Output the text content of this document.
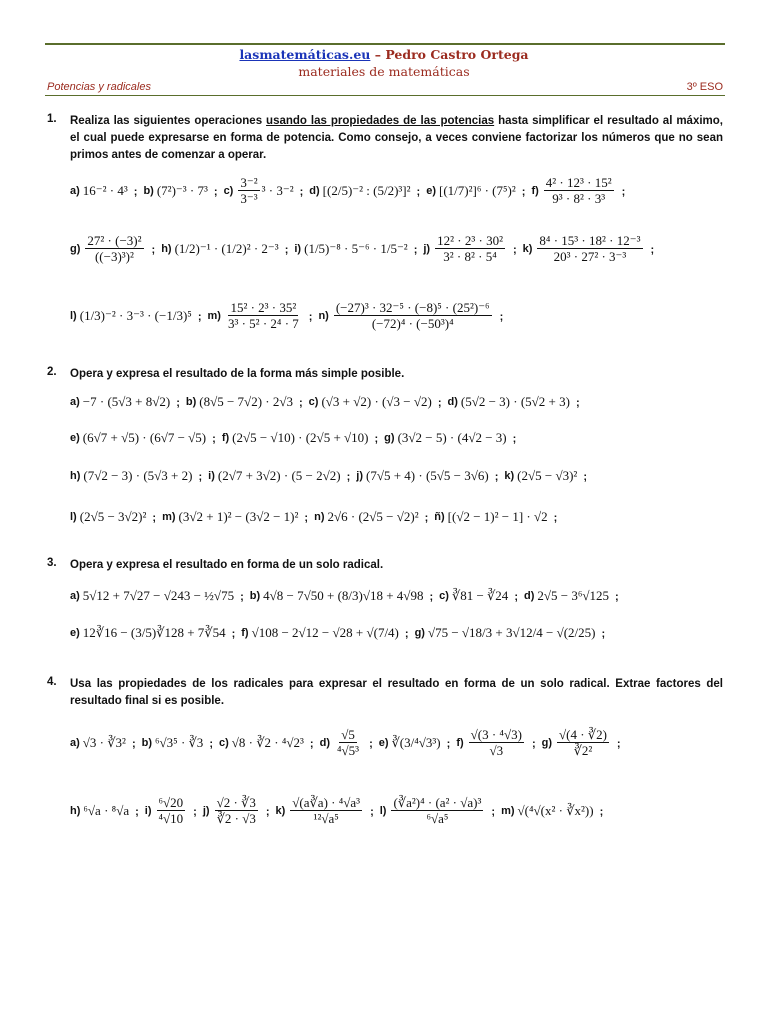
lasmatemáticas.eu – Pedro Castro Ortega
materiales de matemáticas
Potencias y radicales	3º ESO
1. Realiza las siguientes operaciones usando las propiedades de las potencias hasta simplificar el resultado al máximo, el cual puede expresarse en forma de potencia. Como consejo, a veces conviene factorizar los números que no sean primos antes de comenzar a operar.
a) 16⁻² · 4³ ; b) (7²)⁻³ · 7³ ; $c) \frac{\text{3⁻²}}{\text{3⁻³}} ^3 \cdot 3^{-2}$ ; d) [(2/5)⁻² : (5/2)³]² ; e) [(1/7)²]⁶ · (7⁵)² ; $f) \frac{\text{4² · 12³ · 15²}}{\text{9³ · 8² · 3³}}$ ;
$g) \frac{\text{27² · (−3)²}}{\text{((−3)³)²}}$ ; h) (1/2)⁻¹ · (1/2)² · 2⁻³ ; i) (1/5)⁻⁸ · 5⁻⁶ · 1/5⁻² ; $j) \frac{\text{12² · 2³ · 30²}}{\text{3² · 8² · 5⁴}}$ ; $k) \frac{\text{8⁴ · 15³ · 18² · 12⁻³}}{\text{20³ · 27² · 3⁻³}}$ ;
l) (1/3)⁻² · 3⁻³ · (−1/3)⁵ ; $m) \frac{\text{15² · 2³ · 35²}}{\text{3³ · 5² · 2⁴ · 7}}$ ; $n) \frac{\text{(−27)³ · 32⁻⁵ · (−8)⁵ · (25²)⁻⁶}}{\text{(−72)⁴ · (−50³)⁴}}$ ;
2. Opera y expresa el resultado de la forma más simple posible.
a) −7 · (5√3 + 8√2) ; b) (8√5 − 7√2) · 2√3 ; c) (√3 + √2) · (√3 − √2) ; d) (5√2 − 3) · (5√2 + 3) ;
e) (6√7 + √5) · (6√7 − √5) ; f) (2√5 − √10) · (2√5 + √10) ; g) (3√2 − 5) · (4√2 − 3) ;
h) (7√2 − 3) · (5√3 + 2) ; i) (2√7 + 3√2) · (5 − 2√2) ; j) (7√5 + 4) · (5√5 − 3√6) ; k) (2√5 − √3)² ;
l) (2√5 − 3√2)² ; m) (3√2 + 1)² − (3√2 − 1)² ; n) 2√6 · (2√5 − √2)² ; ñ) [(√2 − 1)² − 1] · √2 ;
3. Opera y expresa el resultado en forma de un solo radical.
a) 5√12 + 7√27 − √243 − ½√75 ; b) 4√8 − 7√50 + (8/3)√18 + 4√98 ; c) ∛81 − ∛24 ; d) 2√5 − 3⁶√125 ;
e) 12∛16 − (3/5)∛128 + 7∛54 ; f) √108 − 2√12 − √28 + √(7/4) ; g) √75 − √18/3 + 3√12/4 − √(2/25) ;
4. Usa las propiedades de los radicales para expresar el resultado en forma de un solo radical. Extrae factores del resultado final si es posible.
a) √3 · ∛3² ; b) ⁶√3⁵ · ∛3 ; c) √8 · ∛2 · ⁴√2³ ; $d) \frac{√5}{\text{⁴√5³}}$ ; e) ∛(3/⁴√3³) ; $f) \frac{\text{√(3 · ⁴√3)}}{√3}$ ; $g) \frac{√(4 \cdot ∛2)}{\text{∛2²}}$ ;
h) ⁶√a · ⁸√a ; $i) \frac{\text{⁶√20}}{\text{⁴√10}}$ ; $j) \frac{√2 \cdot ∛3}{∛2 \cdot √3}$ ; $k) \frac{\text{√(a∛a) · ⁴√a³}}{\text{¹²√a⁵}}$ ; $l) \frac{\text{(∛a²)⁴ · (a² · √a)³}}{\text{⁶√a⁵}}$ ; m) √(⁴√(x² · ∛x²)) ;
